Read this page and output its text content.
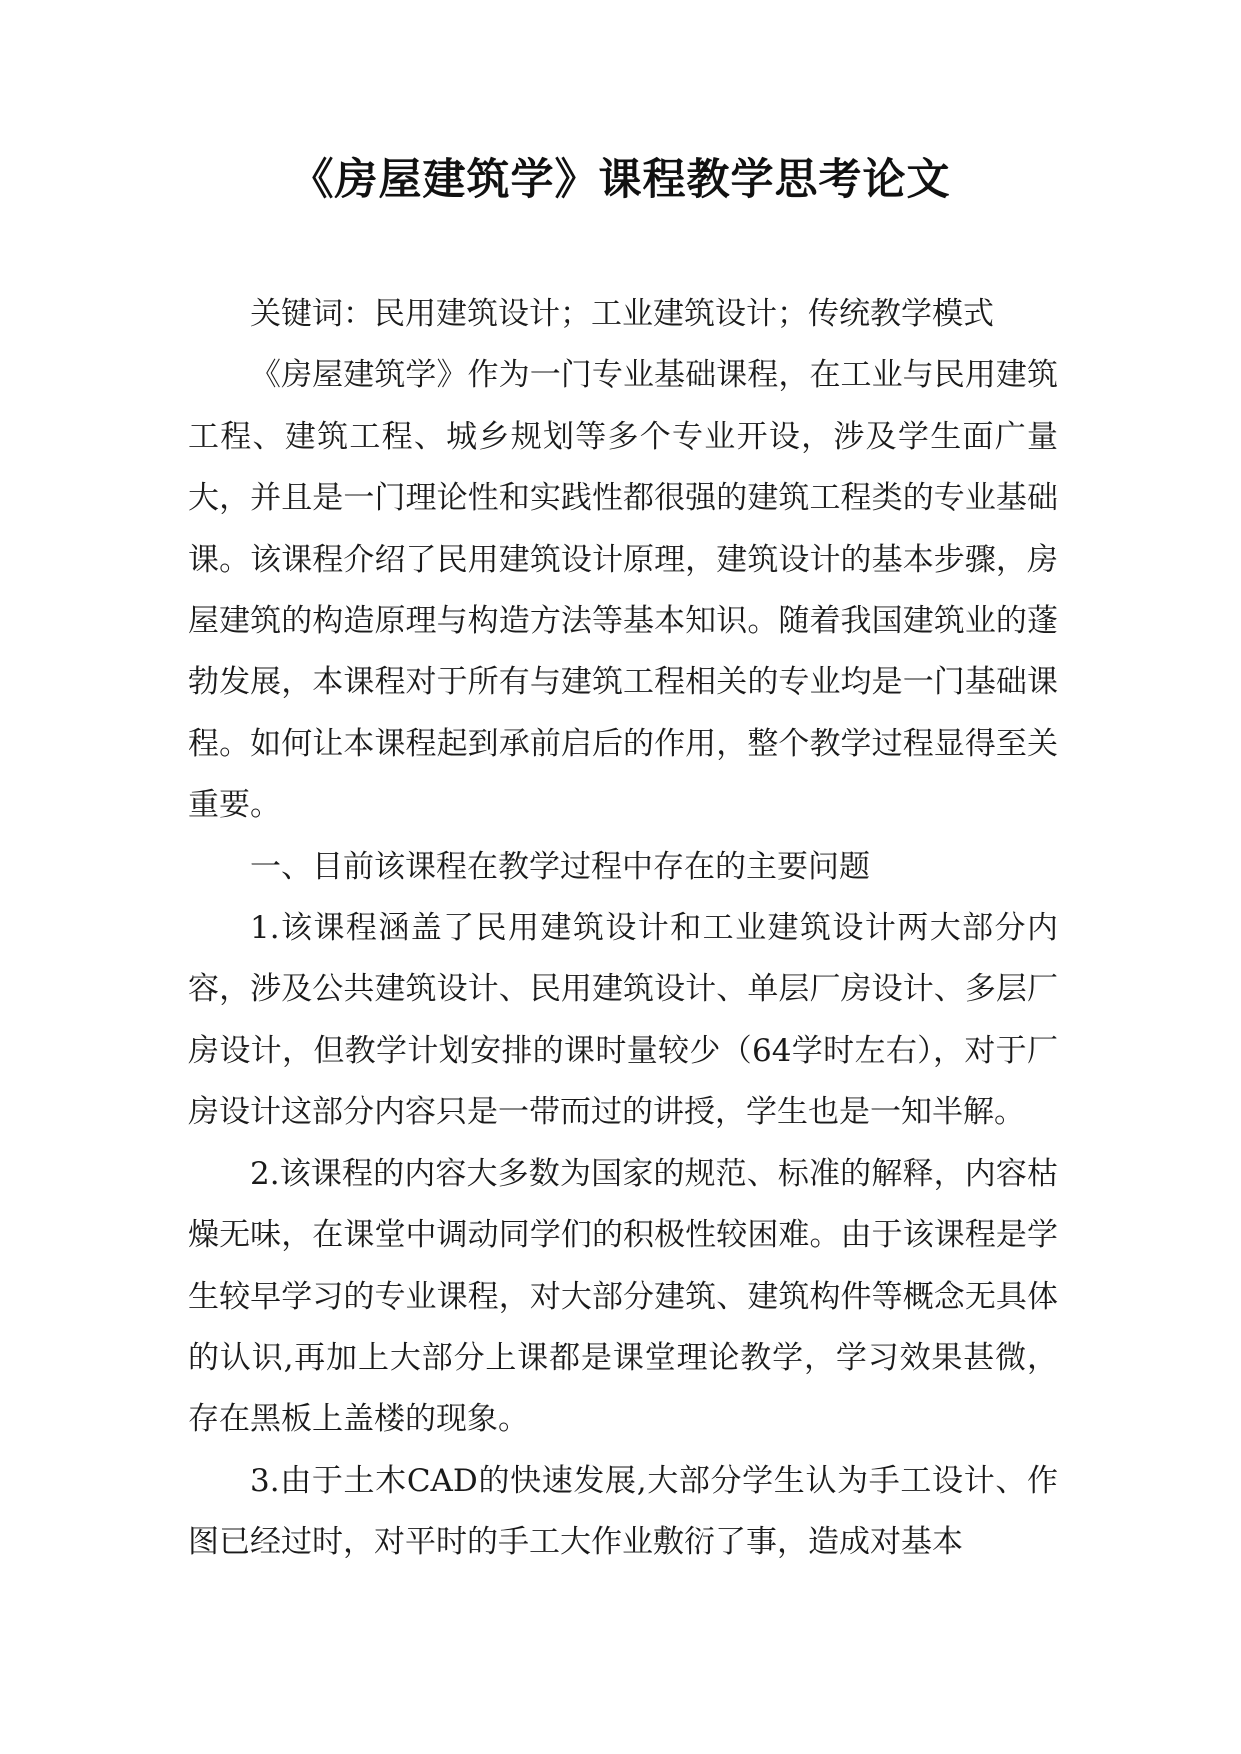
《房屋建筑学》课程教学思考论文

关键词：民用建筑设计；工业建筑设计；传统教学模式

《房屋建筑学》作为一门专业基础课程，在工业与民用建筑工程、建筑工程、城乡规划等多个专业开设，涉及学生面广量大，并且是一门理论性和实践性都很强的建筑工程类的专业基础课。该课程介绍了民用建筑设计原理，建筑设计的基本步骤，房屋建筑的构造原理与构造方法等基本知识。随着我国建筑业的蓬勃发展，本课程对于所有与建筑工程相关的专业均是一门基础课程。如何让本课程起到承前启后的作用，整个教学过程显得至关重要。

一、目前该课程在教学过程中存在的主要问题

1.该课程涵盖了民用建筑设计和工业建筑设计两大部分内容，涉及公共建筑设计、民用建筑设计、单层厂房设计、多层厂房设计，但教学计划安排的课时量较少（64学时左右），对于厂房设计这部分内容只是一带而过的讲授，学生也是一知半解。

2.该课程的内容大多数为国家的规范、标准的解释，内容枯燥无味，在课堂中调动同学们的积极性较困难。由于该课程是学生较早学习的专业课程，对大部分建筑、建筑构件等概念无具体的认识,再加上大部分上课都是课堂理论教学，学习效果甚微，存在黑板上盖楼的现象。

3.由于土木CAD的快速发展,大部分学生认为手工设计、作图已经过时，对平时的手工大作业敷衍了事，造成对基本
